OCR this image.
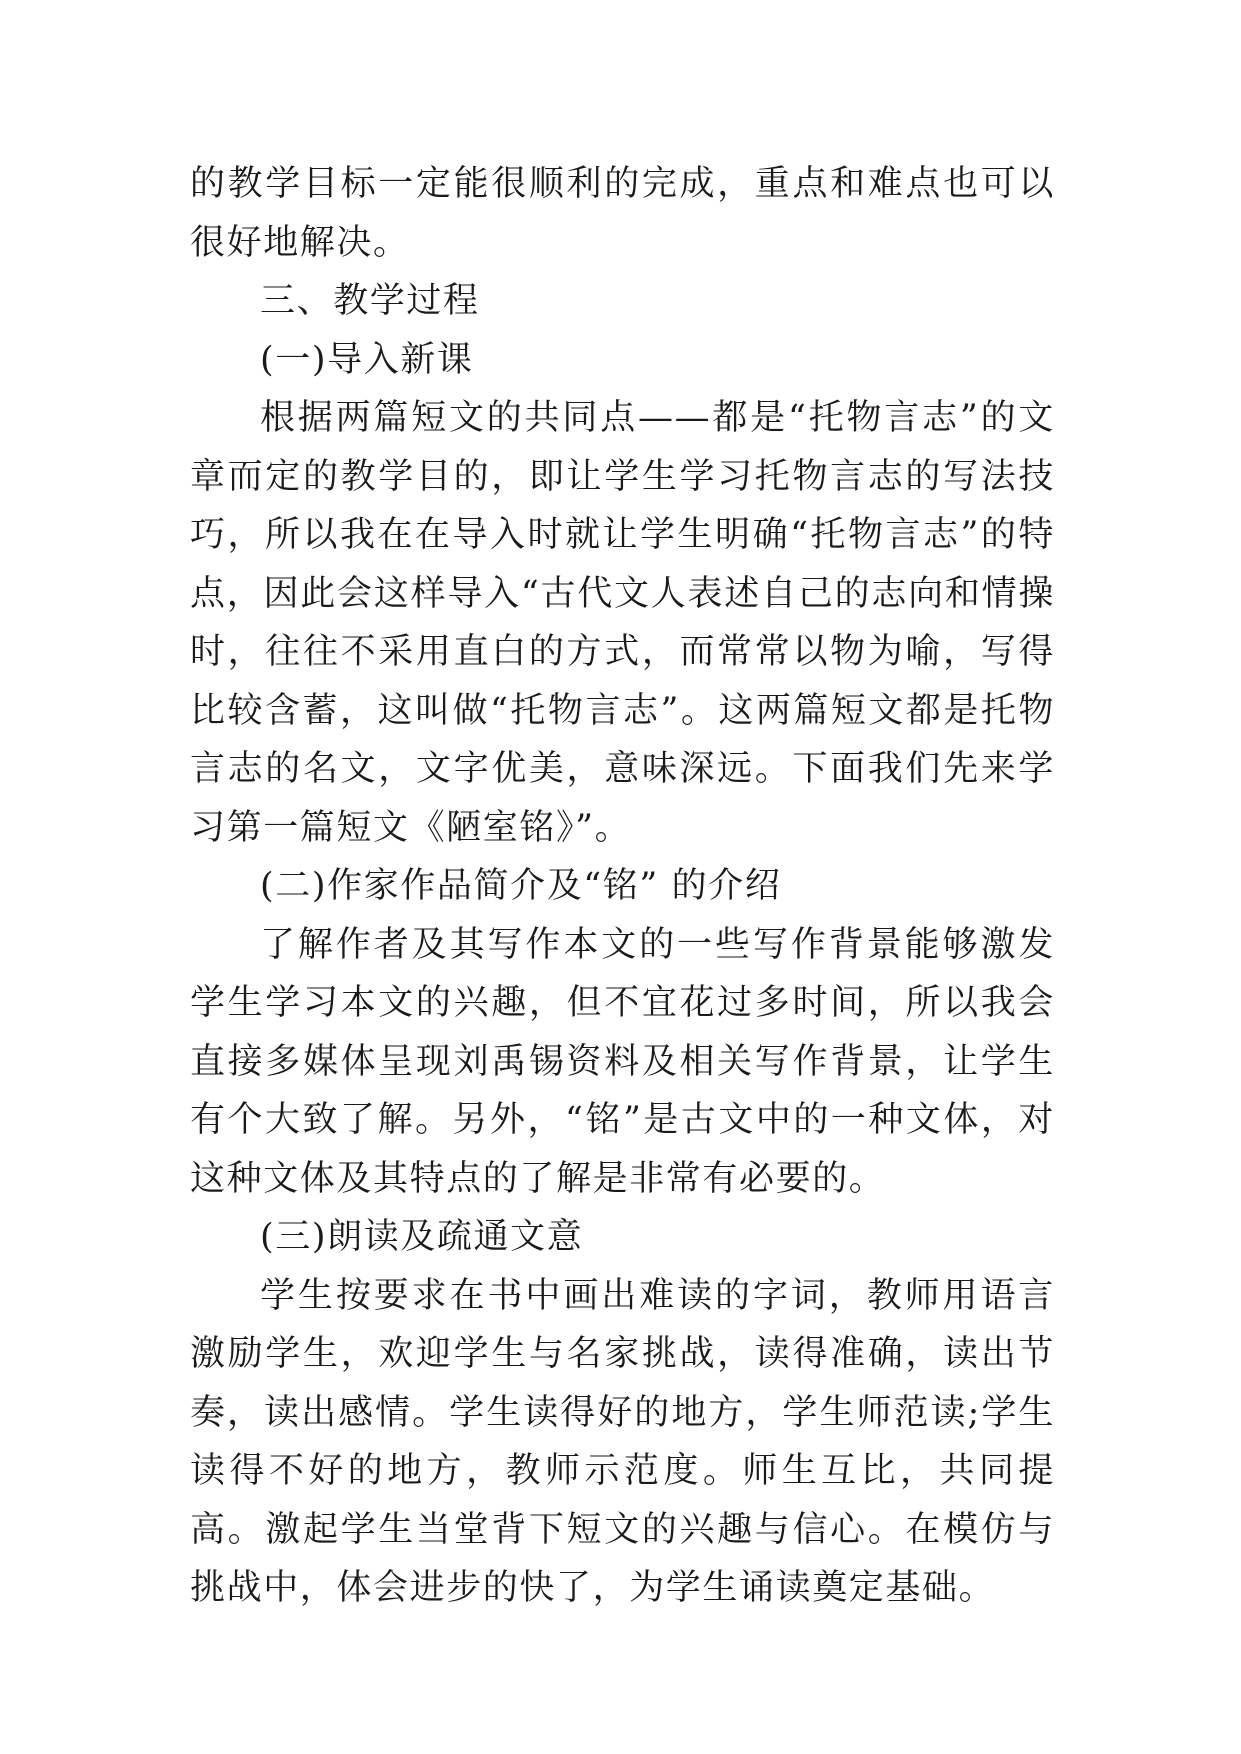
的教学目标一定能很顺利的完成，重点和难点也可以很好地解决。

三、教学过程

(一)导入新课

根据两篇短文的共同点——都是“托物言志”的文章而定的教学目的，即让学生学习托物言志的写法技巧，所以我在在导入时就让学生明确“托物言志”的特点，因此会这样导入“古代文人表述自己的志向和情操时，往往不采用直白的方式，而常常以物为喻，写得比较含蓄，这叫做“托物言志”。这两篇短文都是托物言志的名文，文字优美，意味深远。下面我们先来学习第一篇短文《陋室铭》”。

(二)作家作品简介及“铭” 的介绍

了解作者及其写作本文的一些写作背景能够激发学生学习本文的兴趣，但不宜花过多时间，所以我会直接多媒体呈现刘禹锡资料及相关写作背景，让学生有个大致了解。另外，“铭”是古文中的一种文体，对这种文体及其特点的了解是非常有必要的。

(三)朗读及疏通文意

学生按要求在书中画出难读的字词，教师用语言激励学生，欢迎学生与名家挑战，读得准确，读出节奏，读出感情。学生读得好的地方，学生师范读;学生读得不好的地方，教师示范度。师生互比，共同提高。激起学生当堂背下短文的兴趣与信心。在模仿与挑战中，体会进步的快了，为学生诵读奠定基础。
